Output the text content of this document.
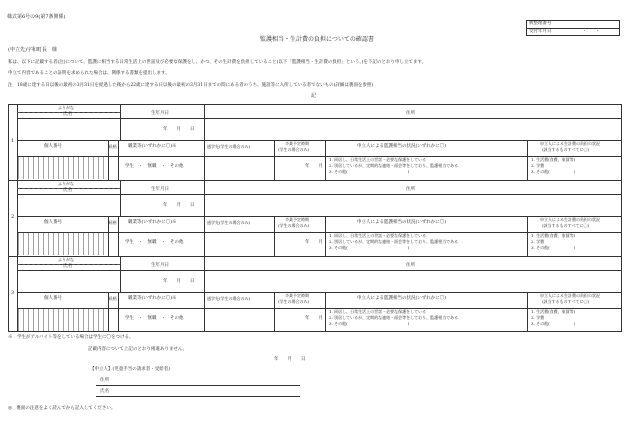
様式第6号の9(第7条関係)
被整理番号
受付年月日	・　　・
監護相当・生計費の負担についての確認書
(申立先)宇和町長　様
私は、以下に記載する者(注)について、監護に相当する日常生活上の世話及び必要な保護をし、かつ、その生計費を負担していること(以下「監護相当・生計費の負担」という。)を下記のとおり申し立てます。
申立て内容であることの証明を求められた場合は、関係する書類を提出します。
注　18歳に達する日以後の最初の3月31日を経過した後から22歳に達する日以後の最初の3月31日までの間にある者のうち、施設等に入所している者でないもの(詳細は裏面を参照)
記
1
ふりがな
氏名	生年月日	住所
年　　月　　日
個人番号	続柄	職業等(いずれかに〇)※	通学先(学生の場合のみ)
卒業予定時期
(学生の場合のみ)
申立人による監護相当の状況(いずれかに〇)
申立人による生計費の負担の状況
(該当するものすべてに〇)
学生　・　無職　・　その他	年　　月
1. 同居し、日常生活上の世話・必要な保護をしている
2. 別居しているが、定期的な連絡・面会等をしており、監護相当である
3. その他(　　　　　　　　　　　　　　　)
1. 生活費(食費、家賃等)
2. 学費
3. その他(　　　　　　)
2
ふりがな
氏名	生年月日	住所
年　　月　　日
個人番号	続柄	職業等(いずれかに〇)※	通学先(学生の場合のみ)
卒業予定時期
(学生の場合のみ)
申立人による監護相当の状況(いずれかに〇)
申立人による生計費の負担の状況
(該当するものすべてに〇)
学生　・　無職　・　その他	年　　月
1. 同居し、日常生活上の世話・必要な保護をしている
2. 別居しているが、定期的な連絡・面会等をしており、監護相当である
3. その他(　　　　　　　　　　　　　　　)
1. 生活費(食費、家賃等)
2. 学費
3. その他(　　　　　　)
3
ふりがな
氏名	生年月日	住所
年　　月　　日
個人番号	続柄	職業等(いずれかに〇)※	通学先(学生の場合のみ)
卒業予定時期
(学生の場合のみ)
申立人による監護相当の状況(いずれかに〇)
申立人による生計費の負担の状況
(該当するものすべてに〇)
学生　・　無職　・　その他	年　　月
1. 同居し、日常生活上の世話・必要な保護をしている
2. 別居しているが、定期的な連絡・面会等をしており、監護相当である
3. その他(　　　　　　　　　　　　　　　)
1. 生活費(食費、家賃等)
2. 学費
3. その他(　　　　　　)
※　学生がアルバイト等をしている場合は学生に〇をつける。
記載内容について上記のとおり相違ありません。
年　　月　　日
【申立人】(児童手当の請求者・受給者)
住所
氏名
◎　裏面の注意をよく読んでから記入してください。
